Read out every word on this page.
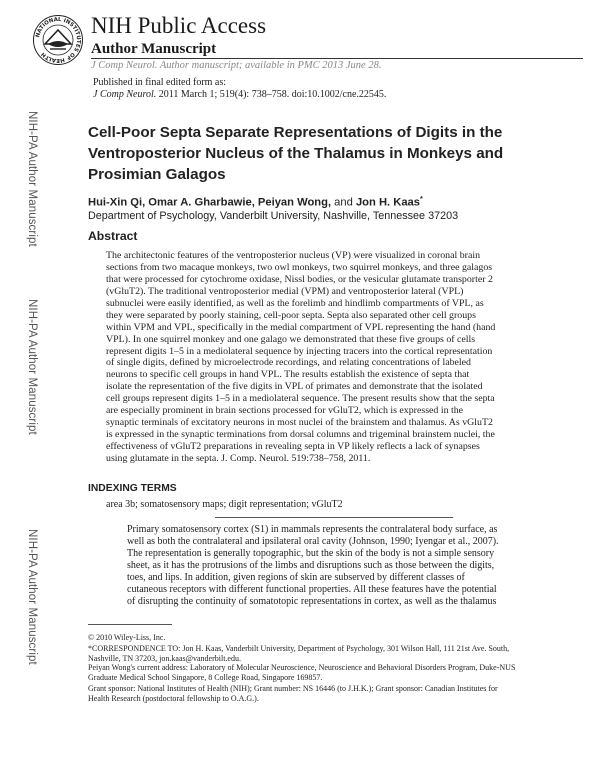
NATIONAL INSTITUTES OF HEALTH
NIH Public Access
Author Manuscript
J Comp Neurol. Author manuscript; available in PMC 2013 June 28.
Published in final edited form as:
J Comp Neurol. 2011 March 1; 519(4): 738–758. doi:10.1002/cne.22545.
NIH-PA Author Manuscript
NIH-PA Author Manuscript
NIH-PA Author Manuscript
Cell-Poor Septa Separate Representations of Digits in the Ventroposterior Nucleus of the Thalamus in Monkeys and Prosimian Galagos
Hui-Xin Qi, Omar A. Gharbawie, Peiyan Wong, and Jon H. Kaas*
Department of Psychology, Vanderbilt University, Nashville, Tennessee 37203
Abstract
The architectonic features of the ventroposterior nucleus (VP) were visualized in coronal brain
sections from two macaque monkeys, two owl monkeys, two squirrel monkeys, and three galagos
that were processed for cytochrome oxidase, Nissl bodies, or the vesicular glutamate transporter 2
(vGluT2). The traditional ventroposterior medial (VPM) and ventroposterior lateral (VPL)
subnuclei were easily identified, as well as the forelimb and hindlimb compartments of VPL, as
they were separated by poorly staining, cell-poor septa. Septa also separated other cell groups
within VPM and VPL, specifically in the medial compartment of VPL representing the hand (hand
VPL). In one squirrel monkey and one galago we demonstrated that these five groups of cells
represent digits 1–5 in a mediolateral sequence by injecting tracers into the cortical representation
of single digits, defined by microelectrode recordings, and relating concentrations of labeled
neurons to specific cell groups in hand VPL. The results establish the existence of septa that
isolate the representation of the five digits in VPL of primates and demonstrate that the isolated
cell groups represent digits 1–5 in a mediolateral sequence. The present results show that the septa
are especially prominent in brain sections processed for vGluT2, which is expressed in the
synaptic terminals of excitatory neurons in most nuclei of the brainstem and thalamus. As vGluT2
is expressed in the synaptic terminations from dorsal columns and trigeminal brainstem nuclei, the
effectiveness of vGluT2 preparations in revealing septa in VP likely reflects a lack of synapses
using glutamate in the septa. J. Comp. Neurol. 519:738–758, 2011.
INDEXING TERMS
area 3b; somatosensory maps; digit representation; vGluT2
Primary somatosensory cortex (S1) in mammals represents the contralateral body surface, as
well as both the contralateral and ipsilateral oral cavity (Johnson, 1990; Iyengar et al., 2007).
The representation is generally topographic, but the skin of the body is not a simple sensory
sheet, as it has the protrusions of the limbs and disruptions such as those between the digits,
toes, and lips. In addition, given regions of skin are subserved by different classes of
cutaneous receptors with different functional properties. All these features have the potential
of disrupting the continuity of somatotopic representations in cortex, as well as the thalamus
© 2010 Wiley-Liss, Inc.
*CORRESPONDENCE TO: Jon H. Kaas, Vanderbilt University, Department of Psychology, 301 Wilson Hall, 111 21st Ave. South,
Nashville, TN 37203, jon.kaas@vanderbilt.edu.
Peiyan Wong's current address: Laboratory of Molecular Neuroscience, Neuroscience and Behavioral Disorders Program, Duke-NUS
Graduate Medical School Singapore, 8 College Road, Singapore 169857.
Grant sponsor: National Institutes of Health (NIH); Grant number: NS 16446 (to J.H.K.); Grant sponsor: Canadian Institutes for
Health Research (postdoctoral fellowship to O.A.G.).
